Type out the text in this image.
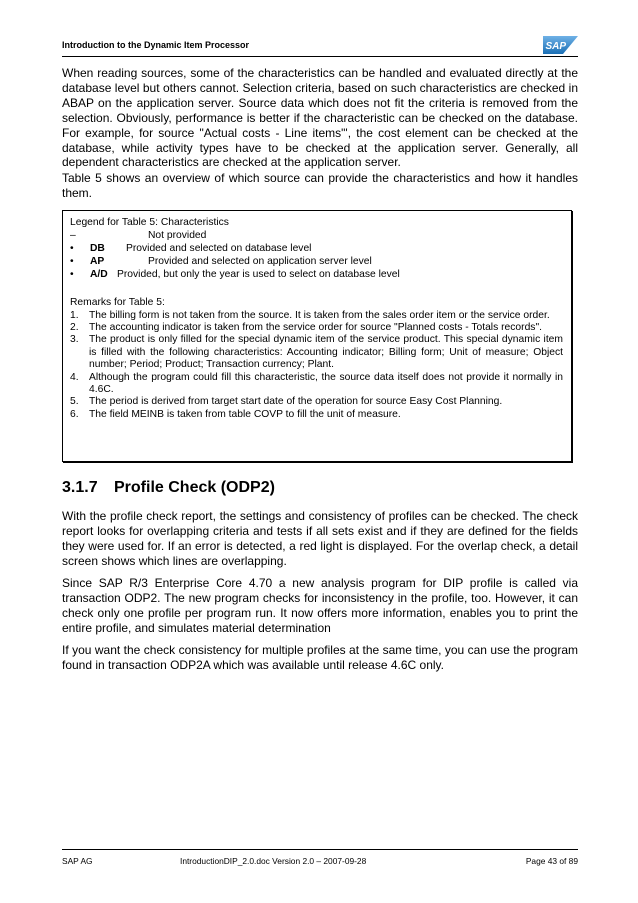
Introduction to the Dynamic Item Processor	SAP

When reading sources, some of the characteristics can be handled and evaluated directly at the database level but others cannot. Selection criteria, based on such characteristics are checked in ABAP on the application server. Source data which does not fit the criteria is removed from the selection. Obviously, performance is better if the characteristic can be checked on the database. For example, for source "Actual costs - Line items"', the cost element can be checked at the database, while activity types have to be checked at the application server. Generally, all dependent characteristics are checked at the application server.

Table 5 shows an overview of which source can provide the characteristics and how it handles them.

Legend for Table 5: Characteristics
–	Not provided
• DB Provided and selected on database level
• AP	Provided and selected on application server level
• A/D Provided, but only the year is used to select on database level
Remarks for Table 5:
1. The billing form is not taken from the source. It is taken from the sales order item or the service order.
2. The accounting indicator is taken from the service order for source "Planned costs - Totals records".
3. The product is only filled for the special dynamic item of the service product. This special dynamic item is filled with the following characteristics: Accounting indicator; Billing form; Unit of measure; Object number; Period; Product; Transaction currency; Plant.
4. Although the program could fill this characteristic, the source data itself does not provide it normally in 4.6C.
5. The period is derived from target start date of the operation for source Easy Cost Planning.
6. The field MEINB is taken from table COVP to fill the unit of measure.
3.1.7 Profile Check (ODP2)

With the profile check report, the settings and consistency of profiles can be checked. The check report looks for overlapping criteria and tests if all sets exist and if they are defined for the fields they were used for. If an error is detected, a red light is displayed. For the overlap check, a detail screen shows which lines are overlapping.

Since SAP R/3 Enterprise Core 4.70 a new analysis program for DIP profile is called via transaction ODP2. The new program checks for inconsistency in the profile, too. However, it can check only one profile per program run. It now offers more information, enables you to print the entire profile, and simulates material determination

If you want the check consistency for multiple profiles at the same time, you can use the program found in transaction ODP2A which was available until release 4.6C only.

SAP AG	IntroductionDIP_2.0.doc Version 2.0 – 2007-09-28	Page 43 of 89
